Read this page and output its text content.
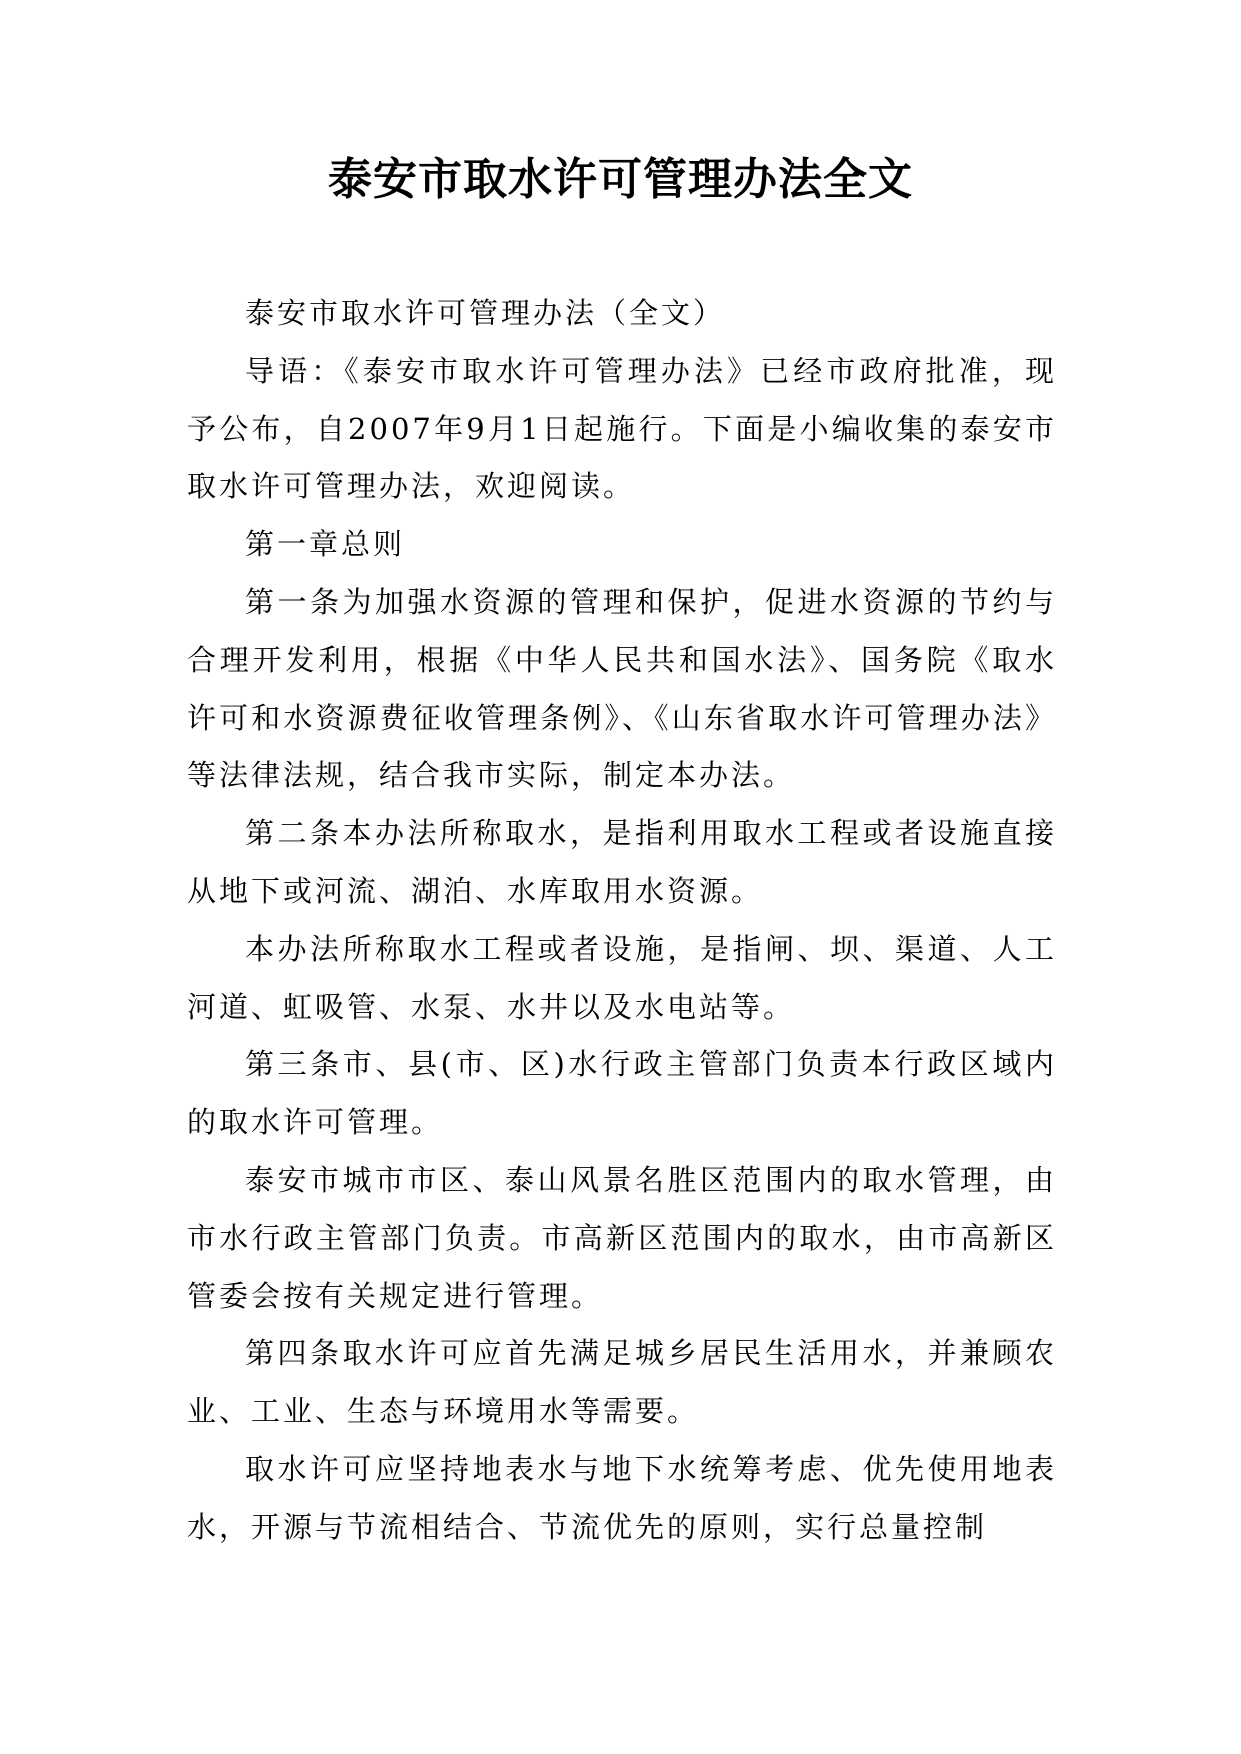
泰安市取水许可管理办法全文

泰安市取水许可管理办法（全文）

导语：《泰安市取水许可管理办法》已经市政府批准，现予公布，自2007年9月1日起施行。下面是小编收集的泰安市取水许可管理办法，欢迎阅读。

第一章总则

第一条为加强水资源的管理和保护，促进水资源的节约与合理开发利用，根据《中华人民共和国水法》、国务院《取水许可和水资源费征收管理条例》、《山东省取水许可管理办法》等法律法规，结合我市实际，制定本办法。

第二条本办法所称取水，是指利用取水工程或者设施直接从地下或河流、湖泊、水库取用水资源。

本办法所称取水工程或者设施，是指闸、坝、渠道、人工河道、虹吸管、水泵、水井以及水电站等。

第三条市、县(市、区)水行政主管部门负责本行政区域内的取水许可管理。

泰安市城市市区、泰山风景名胜区范围内的取水管理，由市水行政主管部门负责。市高新区范围内的取水，由市高新区管委会按有关规定进行管理。

第四条取水许可应首先满足城乡居民生活用水，并兼顾农业、工业、生态与环境用水等需要。

取水许可应坚持地表水与地下水统筹考虑、优先使用地表水，开源与节流相结合、节流优先的原则，实行总量控制
